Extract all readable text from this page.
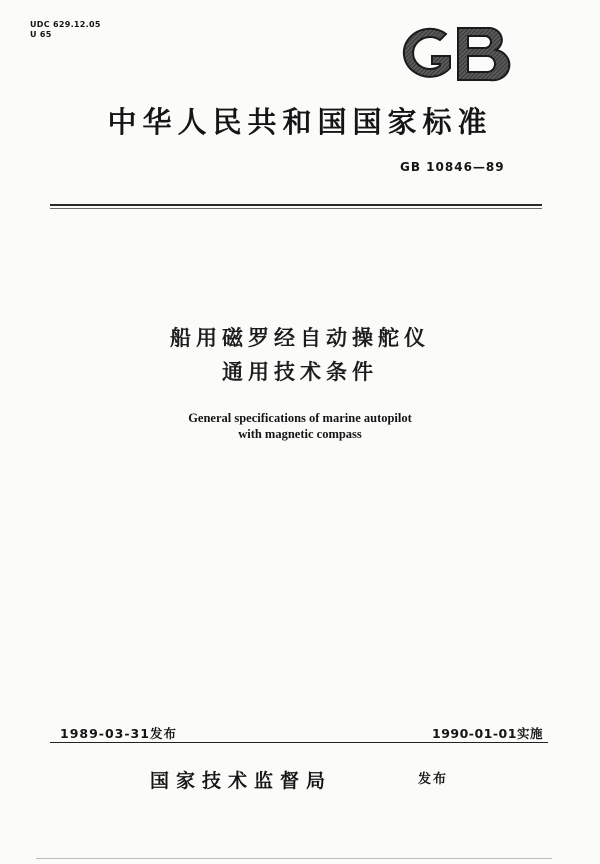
UDC 629.12.05
U 65
中华人民共和国国家标准
GB 10846—89
船用磁罗经自动操舵仪
通用技术条件
General specifications of marine autopilot
with magnetic compass
1989-03-31发布	1990-01-01实施
国家技术监督局	发布
